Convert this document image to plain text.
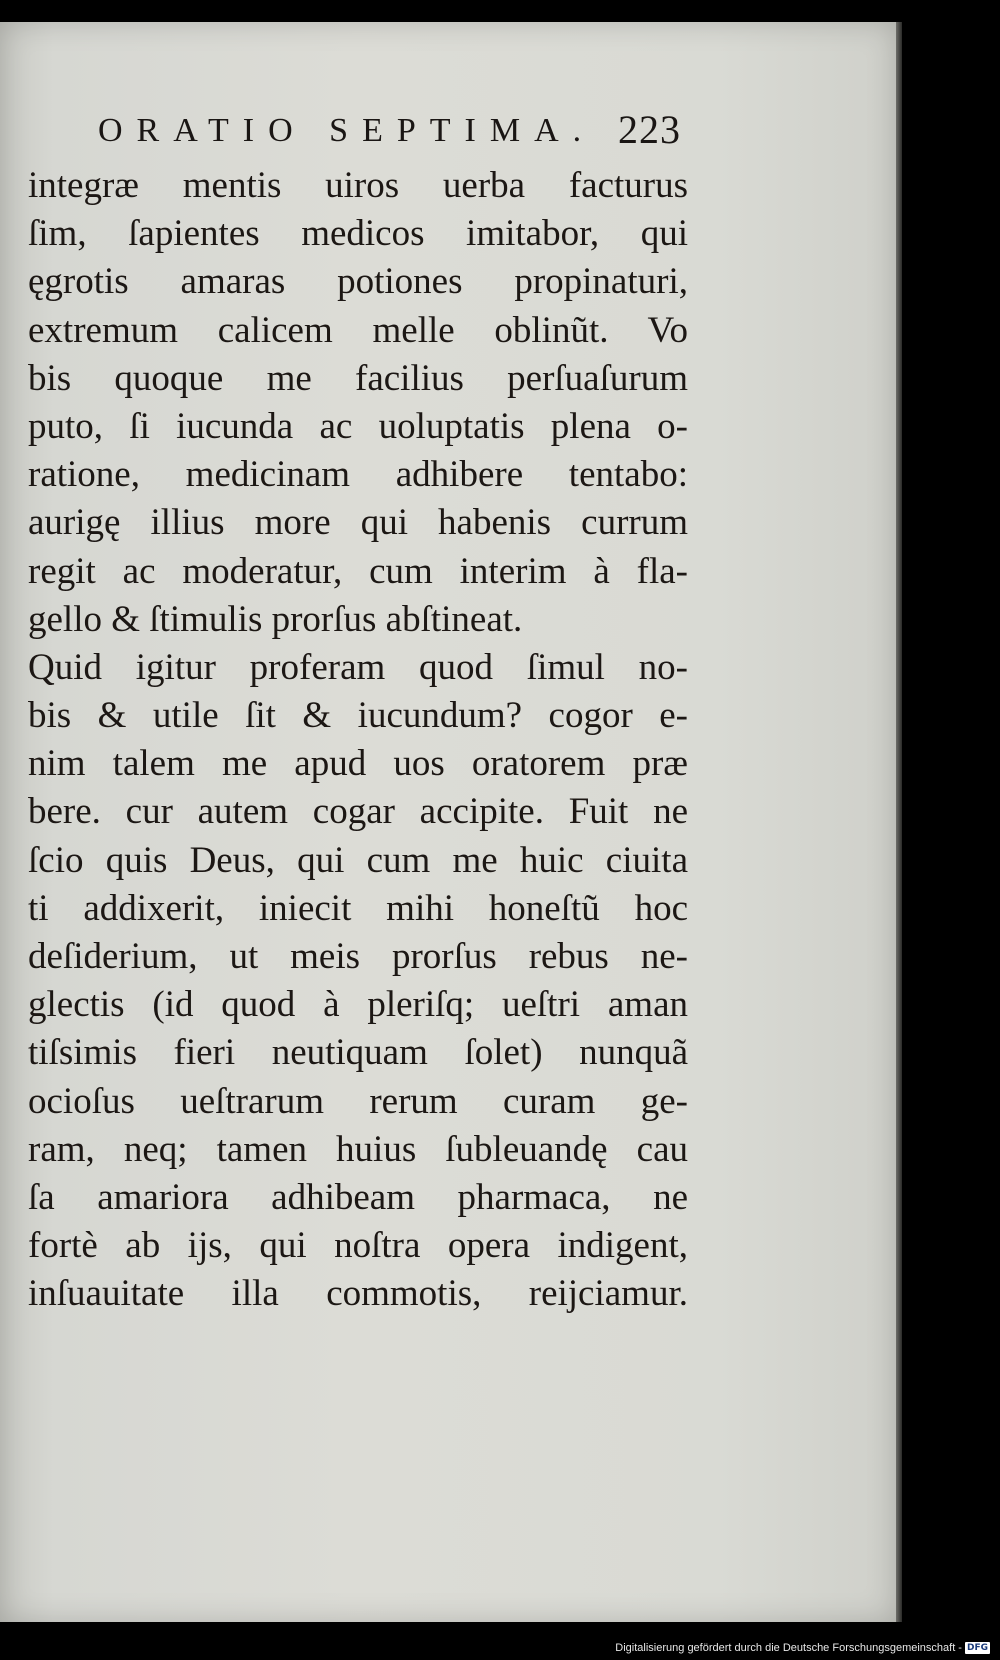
ORATIO SEPTIMA. 223
integræ mentis uiros uerba facturus
ſim, ſapientes medicos imitabor, qui
ęgrotis amaras potiones propinaturi,
extremum calicem melle oblinũt. Vo
bis quoque me facilius perſuaſurum
puto, ſi iucunda ac uoluptatis plena o-
ratione, medicinam adhibere tentabo:
aurigę illius more qui habenis currum
regit ac moderatur, cum interim à fla-
gello & ſtimulis prorſus abſtineat.
Quid igitur proferam quod ſimul no-
bis & utile ſit & iucundum? cogor e-
nim talem me apud uos oratorem præ
bere. cur autem cogar accipite. Fuit ne
ſcio quis Deus, qui cum me huic ciuita
ti addixerit, iniecit mihi honeſtũ hoc
deſiderium, ut meis prorſus rebus ne-
glectis (id quod à pleriſq; ueſtri aman
tiſsimis fieri neutiquam ſolet) nunquã
ocioſus ueſtrarum rerum curam ge-
ram, neq; tamen huius ſubleuandę cau
ſa amariora adhibeam pharmaca, ne
fortè ab ijs, qui noſtra opera indigent,
inſuauitate illa commotis, reijciamur.
Digitalisierung gefördert durch die Deutsche Forschungsgemeinschaft - DFG
